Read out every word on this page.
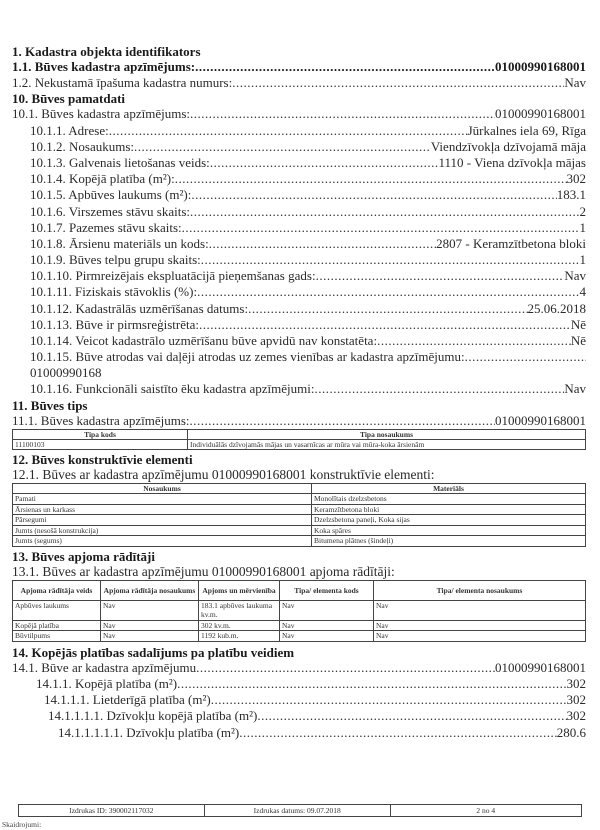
1. Kadastra objekta identifikators
1.1. Būves kadastra apzīmējums: .....	01000990168001
1.2. Nekustamā īpašuma kadastra numurs: .....	Nav
10. Būves pamatdati
10.1. Būves kadastra apzīmējums: .....	01000990168001
10.1.1. Adrese: .....	Jūrkalnes iela 69, Rīga
10.1.2. Nosaukums: .....	Viendzīvokļa dzīvojamā māja
10.1.3. Galvenais lietošanas veids: .....	1110 - Viena dzīvokļa mājas
10.1.4. Kopējā platība (m²): .....	302
10.1.5. Apbūves laukums (m²): .....	183.1
10.1.6. Virszemes stāvu skaits: .....	2
10.1.7. Pazemes stāvu skaits: .....	1
10.1.8. Ārsienu materiāls un kods: .....	2807 - Keramzītbetona bloki
10.1.9. Būves telpu grupu skaits: .....	1
10.1.10. Pirmreizējais ekspluatācijā pieņemšanas gads: .....	Nav
10.1.11. Fiziskais stāvoklis (%): .....	4
10.1.12. Kadastrālās uzmērīšanas datums: .....	25.06.2018
10.1.13. Būve ir pirmsreģistrēta: .....	Nē
10.1.14. Veicot kadastrālo uzmērīšanu būve apvidū nav konstatēta: .....	Nē
10.1.15. Būve atrodas vai daļēji atrodas uz zemes vienības ar kadastra apzīmējumu:
.....
01000990168
10.1.16. Funkcionāli saistīto ēku kadastra apzīmējumi: .....	Nav
11. Būves tips
11.1. Būves kadastra apzīmējums: .....	01000990168001
Tipa kods	Tipa nosaukums
11100103	Individuālās dzīvojamās mājas un vasarnīcas ar mūra vai mūra-koka ārsienām
12. Būves konstruktīvie elementi
12.1. Būves ar kadastra apzīmējumu 01000990168001 konstruktīvie elementi:
Nosaukums	Materiāls
Pamati	Monolītais dzelzsbetons
Ārsienas un karkass	Keramzītbetona bloki
Pārsegumi	Dzelzsbetona paneļi, Koka sijas
Jumts (nesošā konstrukcija)	Koka spāres
Jumts (segums)	Bitumena plātnes (šindeļi)
13. Būves apjoma rādītāji
13.1. Būves ar kadastra apzīmējumu 01000990168001 apjoma rādītāji:
Apjoma rādītāja veids	Apjoma rādītāja nosaukums	Apjoms un mērvienība	Tipa/ elementa kods	Tipa/ elementa nosaukums
Apbūves laukums	Nav	183.1 apbūves laukuma kv.m.	Nav	Nav
Kopējā platība	Nav	302 kv.m.	Nav	Nav
Būvtilpums	Nav	1192 kub.m.	Nav	Nav
14. Kopējās platības sadalījums pa platību veidiem
14.1. Būve ar kadastra apzīmējumu .....	01000990168001
14.1.1. Kopējā platība (m²) .....	302
14.1.1.1. Lietderīgā platība (m²) .....	302
14.1.1.1.1. Dzīvokļu kopējā platība (m²) .....	302
14.1.1.1.1.1. Dzīvokļu platība (m²) .....	280.6
Izdrukas ID: 390002117032	Izdrukas datums: 09.07.2018	2 no 4
Skaidrojumi:
